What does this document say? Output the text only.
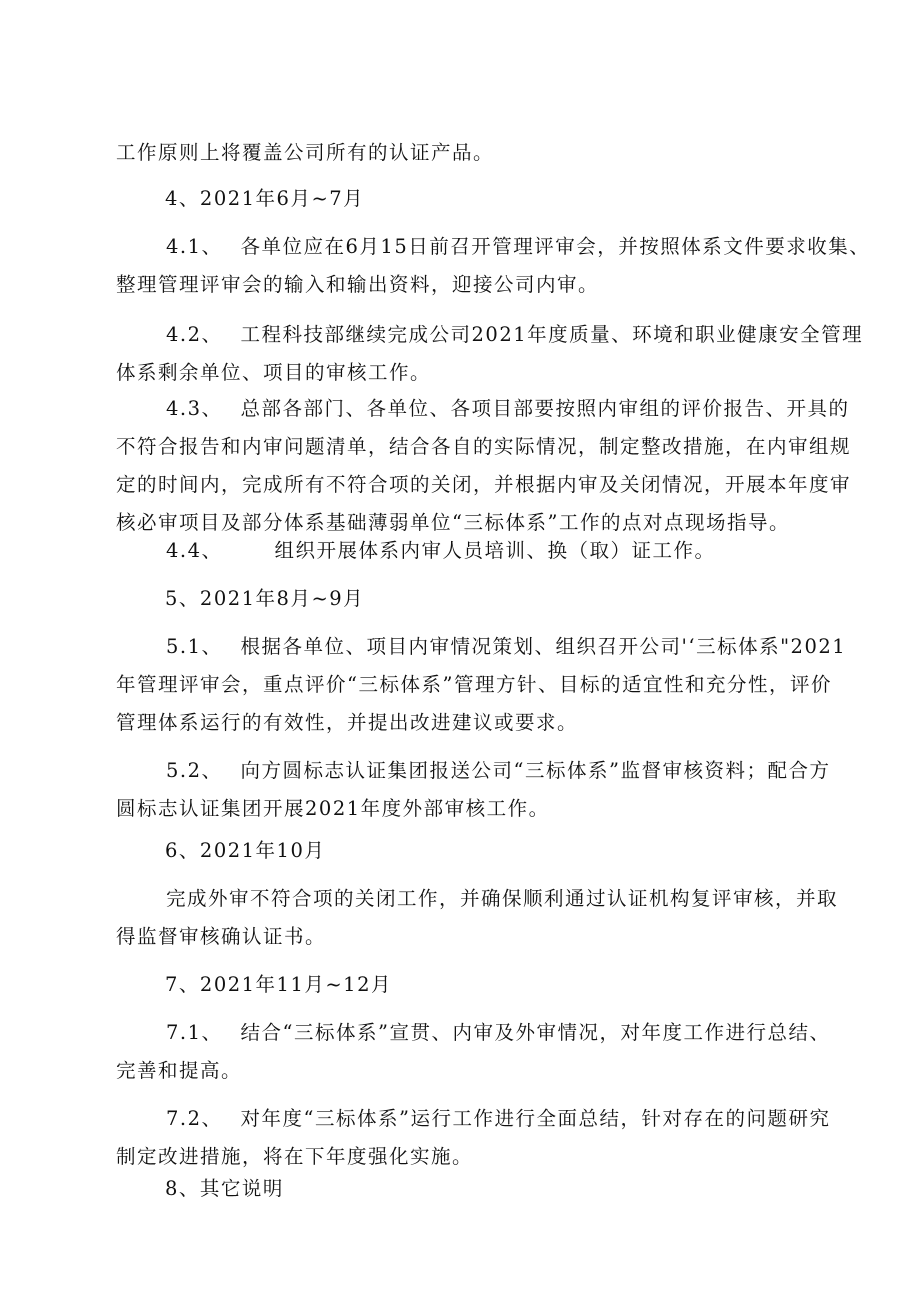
工作原则上将覆盖公司所有的认证产品。
4、2021年6月~7月
4.1、 各单位应在6月15日前召开管理评审会，并按照体系文件要求收集、
整理管理评审会的输入和输出资料，迎接公司内审。
4.2、 工程科技部继续完成公司2021年度质量、环境和职业健康安全管理
体系剩余单位、项目的审核工作。
4.3、 总部各部门、各单位、各项目部要按照内审组的评价报告、开具的
不符合报告和内审问题清单，结合各自的实际情况，制定整改措施，在内审组规
定的时间内，完成所有不符合项的关闭，并根据内审及关闭情况，开展本年度审
核必审项目及部分体系基础薄弱单位“三标体系”工作的点对点现场指导。
4.4、	组织开展体系内审人员培训、换（取）证工作。
5、2021年8月~9月
5.1、 根据各单位、项目内审情况策划、组织召开公司'‘三标体系"2021
年管理评审会，重点评价“三标体系”管理方针、目标的适宜性和充分性，评价
管理体系运行的有效性，并提出改进建议或要求。
5.2、 向方圆标志认证集团报送公司“三标体系”监督审核资料；配合方
圆标志认证集团开展2021年度外部审核工作。
6、2021年10月
完成外审不符合项的关闭工作，并确保顺利通过认证机构复评审核，并取
得监督审核确认证书。
7、2021年11月~12月
7.1、 结合“三标体系”宣贯、内审及外审情况，对年度工作进行总结、
完善和提高。
7.2、 对年度“三标体系”运行工作进行全面总结，针对存在的问题研究
制定改进措施，将在下年度强化实施。
8、其它说明
